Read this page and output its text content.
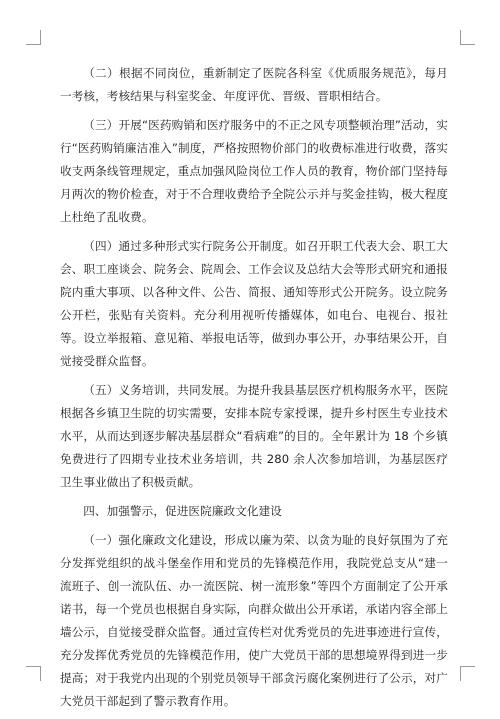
（二）根据不同岗位，重新制定了医院各科室《优质服务规范》，每月一考核，考核结果与科室奖金、年度评优、晋级、晋职相结合。

（三）开展“医药购销和医疗服务中的不正之风专项整顿治理”活动，实行“医药购销廉洁准入”制度，严格按照物价部门的收费标准进行收费，落实收支两条线管理规定，重点加强风险岗位工作人员的教育，物价部门坚持每月两次的物价检查，对于不合理收费给予全院公示并与奖金挂钩，极大程度上杜绝了乱收费。

（四）通过多种形式实行院务公开制度。如召开职工代表大会、职工大会、职工座谈会、院务会、院周会、工作会议及总结大会等形式研究和通报院内重大事项、以各种文件、公告、简报、通知等形式公开院务。设立院务公开栏，张贴有关资料。充分利用视听传播媒体，如电台、电视台、报社等。设立举报箱、意见箱、举报电话等，做到办事公开，办事结果公开，自觉接受群众监督。

（五）义务培训，共同发展。为提升我县基层医疗机构服务水平，医院根据各乡镇卫生院的切实需要，安排本院专家授课，提升乡村医生专业技术水平，从而达到逐步解决基层群众“看病难”的目的。全年累计为 18 个乡镇免费进行了四期专业技术业务培训，共 280 余人次参加培训，为基层医疗卫生事业做出了积极贡献。

四、加强警示，促进医院廉政文化建设

（一）强化廉政文化建设，形成以廉为荣、以贪为耻的良好氛围为了充分发挥党组织的战斗堡垒作用和党员的先锋模范作用，我院党总支从“建一流班子、创一流队伍、办一流医院、树一流形象”等四个方面制定了公开承诺书，每一个党员也根据自身实际，向群众做出公开承诺，承诺内容全部上墙公示，自觉接受群众监督。通过宣传栏对优秀党员的先进事迹进行宣传，充分发挥优秀党员的先锋模范作用，使广大党员干部的思想境界得到进一步提高；对于我党内出现的个别党员领导干部贪污腐化案例进行了公示，对广大党员干部起到了警示教育作用。
